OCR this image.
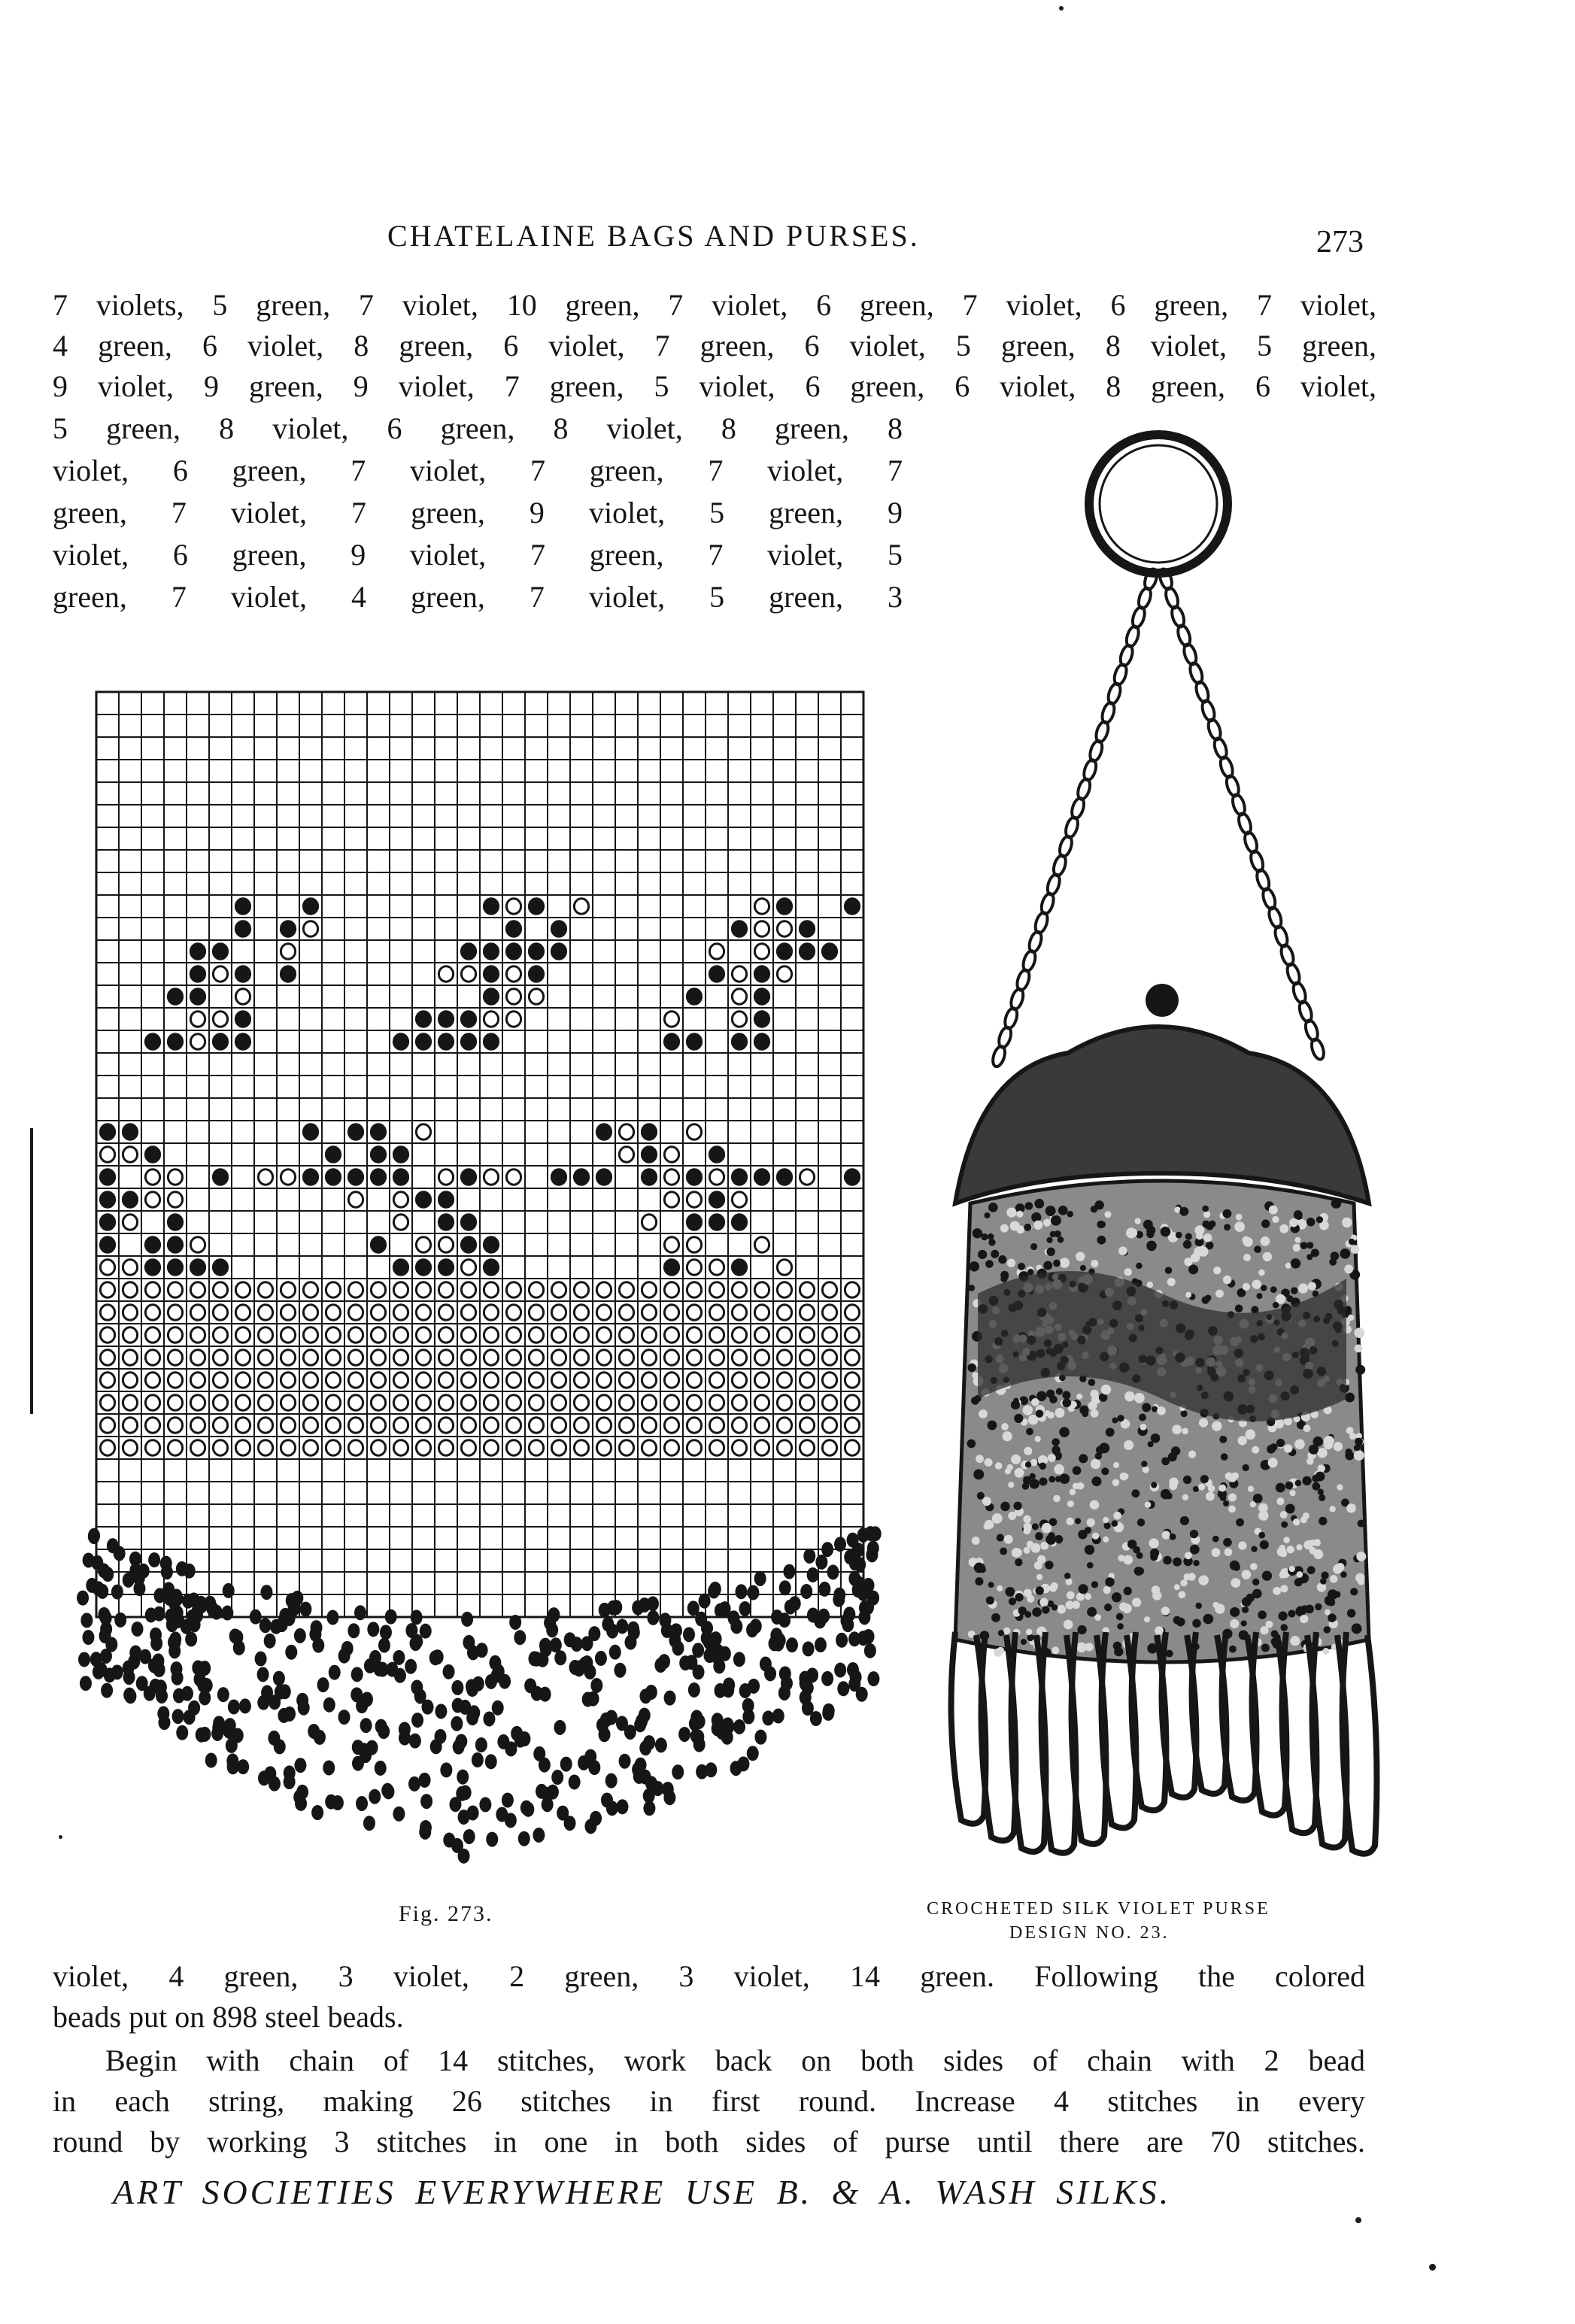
CHATELAINE BAGS AND PURSES.	273
7 violets, 5 green, 7 violet, 10 green, 7 violet, 6 green, 7 violet, 6 green, 7 violet,
4 green, 6 violet, 8 green, 6 violet, 7 green, 6 violet, 5 green, 8 violet, 5 green,
9 violet, 9 green, 9 violet, 7 green, 5 violet, 6 green, 6 violet, 8 green, 6 violet,
5 green, 8 violet, 6 green, 8 violet, 8 green, 8
violet, 6 green, 7 violet, 7 green, 7 violet, 7
green, 7 violet, 7 green, 9 violet, 5 green, 9
violet, 6 green, 9 violet, 7 green, 7 violet, 5
green, 7 violet, 4 green, 7 violet, 5 green, 3
Fig. 273.	CROCHETED SILK VIOLET PURSE
DESIGN NO. 23.
violet, 4 green, 3 violet, 2 green, 3 violet, 14 green. Following the colored
beads put on 898 steel beads.
Begin with chain of 14 stitches, work back on both sides of chain with 2 bead
in each string, making 26 stitches in first round. Increase 4 stitches in every
round by working 3 stitches in one in both sides of purse until there are 70 stitches.
ART SOCIETIES EVERYWHERE USE B. & A. WASH SILKS.
